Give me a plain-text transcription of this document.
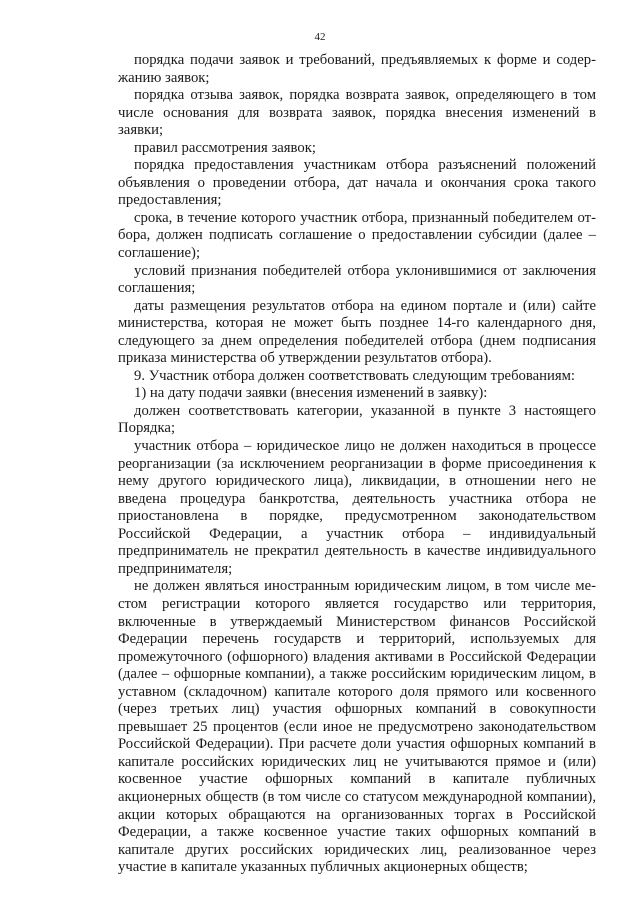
42

порядка подачи заявок и требований, предъявляемых к форме и содержанию заявок;

порядка отзыва заявок, порядка возврата заявок, определяющего в том числе основания для возврата заявок, порядка внесения изменений в заявки;

правил рассмотрения заявок;

порядка предоставления участникам отбора разъяснений положений объявления о проведении отбора, дат начала и окончания срока такого предоставления;

срока, в течение которого участник отбора, признанный победителем отбора, должен подписать соглашение о предоставлении субсидии (далее – соглашение);

условий признания победителей отбора уклонившимися от заключения соглашения;

даты размещения результатов отбора на едином портале и (или) сайте министерства, которая не может быть позднее 14-го календарного дня, следующего за днем определения победителей отбора (днем подписания приказа министерства об утверждении результатов отбора).

9. Участник отбора должен соответствовать следующим требованиям:

1) на дату подачи заявки (внесения изменений в заявку):

должен соответствовать категории, указанной в пункте 3 настоящего Порядка;

участник отбора – юридическое лицо не должен находиться в процессе реорганизации (за исключением реорганизации в форме присоединения к нему другого юридического лица), ликвидации, в отношении него не введена процедура банкротства, деятельность участника отбора не приостановлена в порядке, предусмотренном законодательством Российской Федерации, а участник отбора – индивидуальный предприниматель не прекратил деятельность в качестве индивидуального предпринимателя;

не должен являться иностранным юридическим лицом, в том числе местом регистрации которого является государство или территория, включенные в утверждаемый Министерством финансов Российской Федерации перечень государств и территорий, используемых для промежуточного (офшорного) владения активами в Российской Федерации (далее – офшорные компании), а также российским юридическим лицом, в уставном (складочном) капитале которого доля прямого или косвенного (через третьих лиц) участия офшорных компаний в совокупности превышает 25 процентов (если иное не предусмотрено законодательством Российской Федерации). При расчете доли участия офшорных компаний в капитале российских юридических лиц не учитываются прямое и (или) косвенное участие офшорных компаний в капитале публичных акционерных обществ (в том числе со статусом международной компании), акции которых обращаются на организованных торгах в Российской Федерации, а также косвенное участие таких офшорных компаний в капитале других российских юридических лиц, реализованное через участие в капитале указанных публичных акционерных обществ;
